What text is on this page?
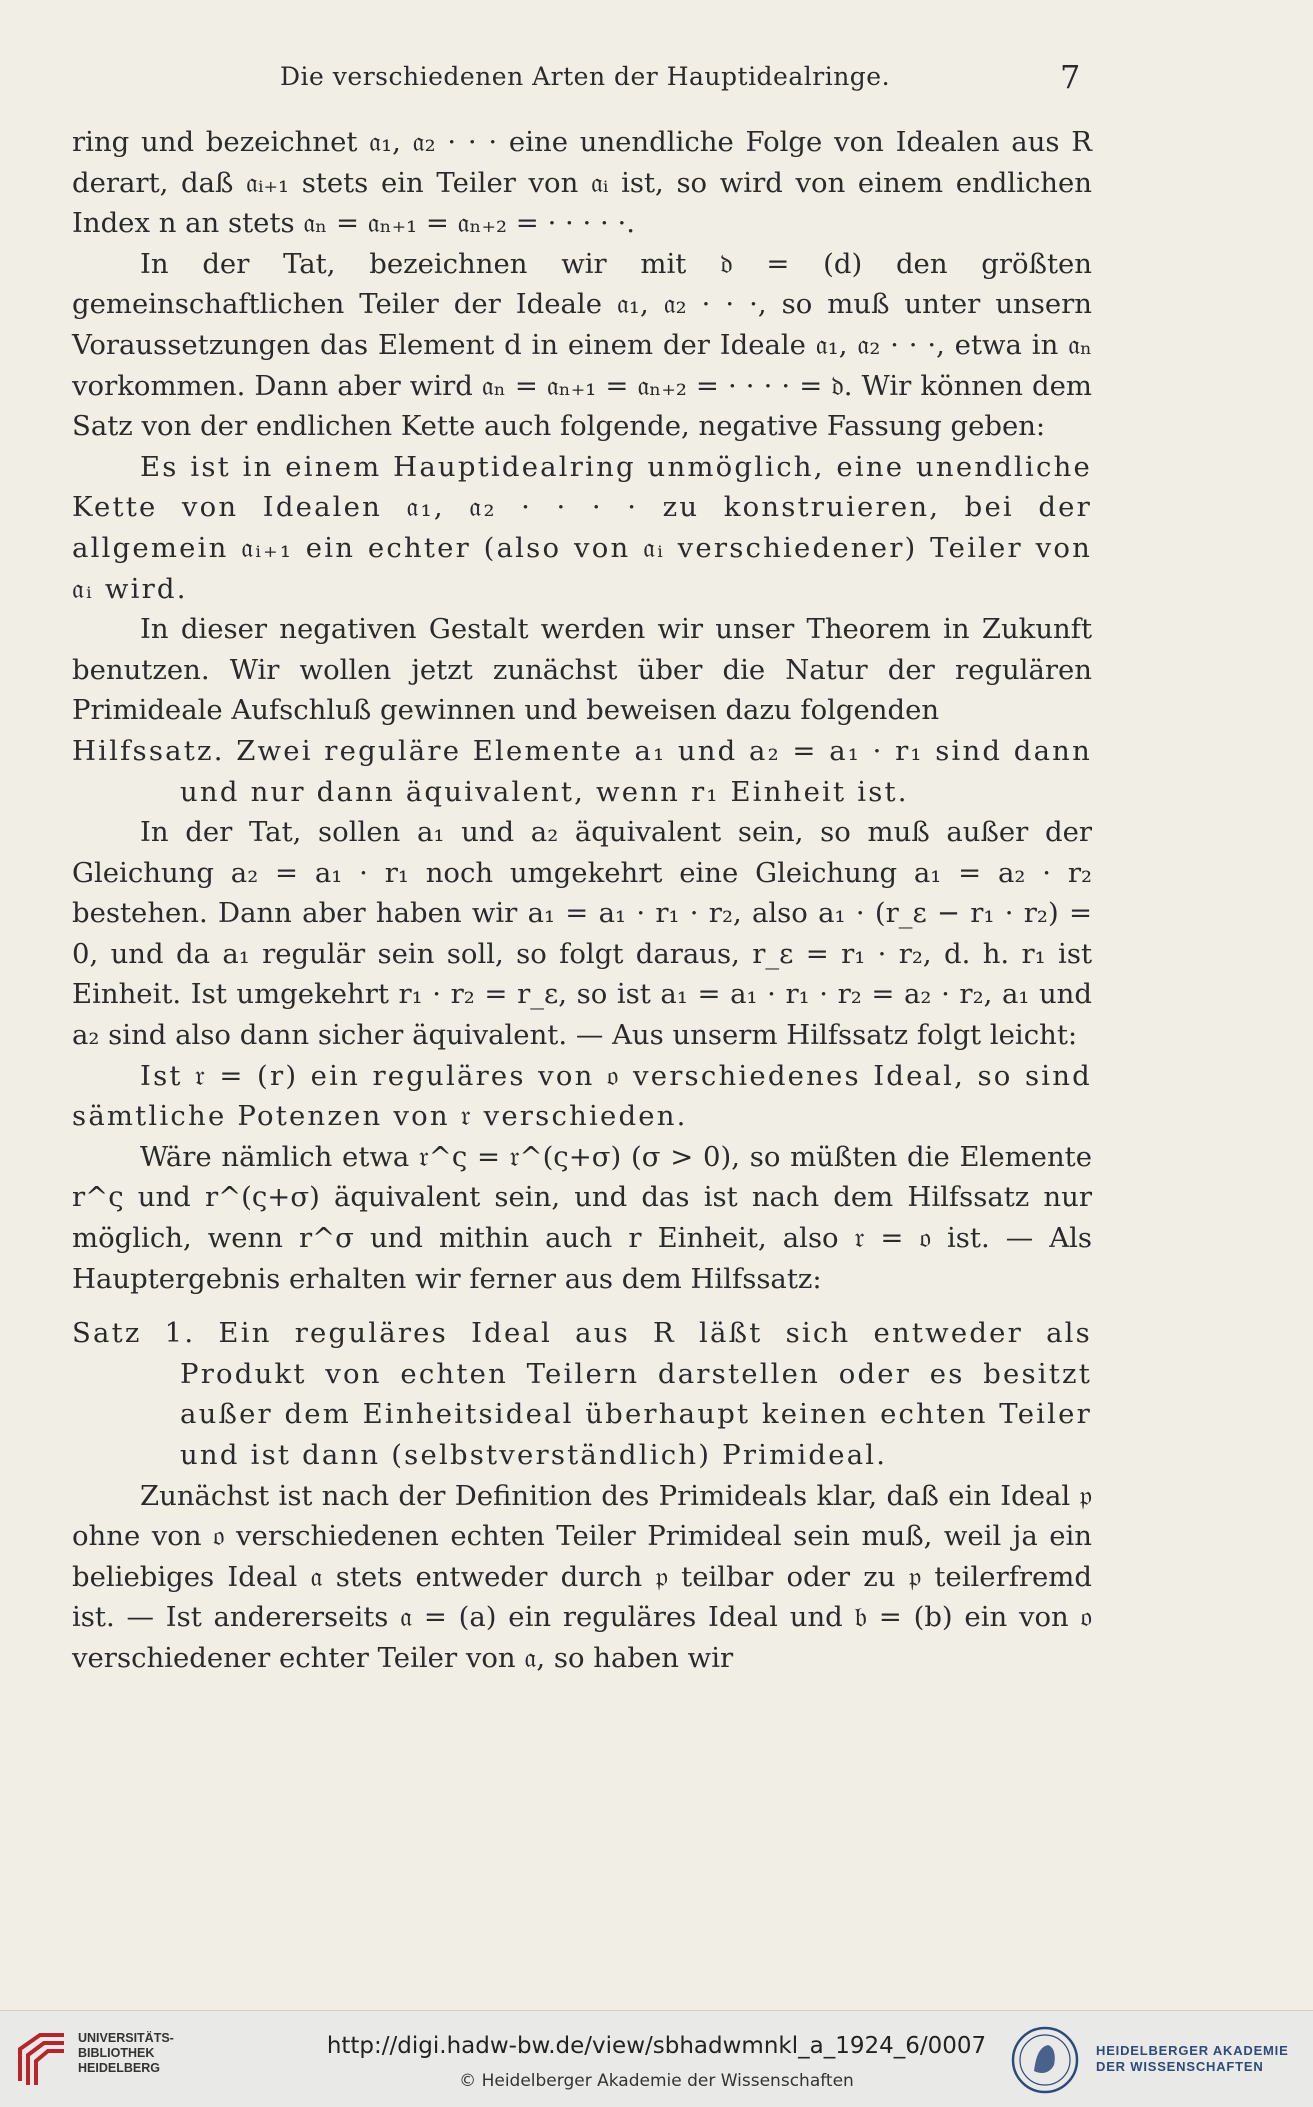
Die verschiedenen Arten der Hauptidealringe.	7

ring und bezeichnet 𝔞₁, 𝔞₂ · · · eine unendliche Folge von Idealen aus R derart, daß 𝔞ᵢ₊₁ stets ein Teiler von 𝔞ᵢ ist, so wird von einem endlichen Index n an stets 𝔞ₙ = 𝔞ₙ₊₁ = 𝔞ₙ₊₂ = · · · · ·.

In der Tat, bezeichnen wir mit 𝔡 = (d) den größten gemeinschaftlichen Teiler der Ideale 𝔞₁, 𝔞₂ · · ·, so muß unter unsern Voraussetzungen das Element d in einem der Ideale 𝔞₁, 𝔞₂ · · ·, etwa in 𝔞ₙ vorkommen. Dann aber wird 𝔞ₙ = 𝔞ₙ₊₁ = 𝔞ₙ₊₂ = · · · · = 𝔡. Wir können dem Satz von der endlichen Kette auch folgende, negative Fassung geben:

Es ist in einem Hauptidealring unmöglich, eine unendliche Kette von Idealen 𝔞₁, 𝔞₂ · · · · zu konstruieren, bei der allgemein 𝔞ᵢ₊₁ ein echter (also von 𝔞ᵢ verschiedener) Teiler von 𝔞ᵢ wird.

In dieser negativen Gestalt werden wir unser Theorem in Zukunft benutzen. Wir wollen jetzt zunächst über die Natur der regulären Primideale Aufschluß gewinnen und beweisen dazu folgenden

Hilfssatz. Zwei reguläre Elemente a₁ und a₂ = a₁ · r₁ sind dann und nur dann äquivalent, wenn r₁ Einheit ist.

In der Tat, sollen a₁ und a₂ äquivalent sein, so muß außer der Gleichung a₂ = a₁ · r₁ noch umgekehrt eine Gleichung a₁ = a₂ · r₂ bestehen. Dann aber haben wir a₁ = a₁ · r₁ · r₂, also a₁ · (r_ε − r₁ · r₂) = 0, und da a₁ regulär sein soll, so folgt daraus, r_ε = r₁ · r₂, d. h. r₁ ist Einheit. Ist umgekehrt r₁ · r₂ = r_ε, so ist a₁ = a₁ · r₁ · r₂ = a₂ · r₂, a₁ und a₂ sind also dann sicher äquivalent. — Aus unserm Hilfssatz folgt leicht:

Ist 𝔯 = (r) ein reguläres von 𝔬 verschiedenes Ideal, so sind sämtliche Potenzen von 𝔯 verschieden.

Wäre nämlich etwa 𝔯^ς = 𝔯^(ς+σ) (σ > 0), so müßten die Elemente r^ς und r^(ς+σ) äquivalent sein, und das ist nach dem Hilfssatz nur möglich, wenn r^σ und mithin auch r Einheit, also 𝔯 = 𝔬 ist. — Als Hauptergebnis erhalten wir ferner aus dem Hilfssatz:

Satz 1. Ein reguläres Ideal aus R läßt sich entweder als Produkt von echten Teilern darstellen oder es besitzt außer dem Einheitsideal überhaupt keinen echten Teiler und ist dann (selbstverständlich) Primideal.

Zunächst ist nach der Definition des Primideals klar, daß ein Ideal 𝔭 ohne von 𝔬 verschiedenen echten Teiler Primideal sein muß, weil ja ein beliebiges Ideal 𝔞 stets entweder durch 𝔭 teilbar oder zu 𝔭 teilerfremd ist. — Ist andererseits 𝔞 = (a) ein reguläres Ideal und 𝔟 = (b) ein von 𝔬 verschiedener echter Teiler von 𝔞, so haben wir

UNIVERSITÄTS-
BIBLIOTHEK
HEIDELBERG
http://digi.hadw-bw.de/view/sbhadwmnkl_a_1924_6/0007
© Heidelberger Akademie der Wissenschaften
HEIDELBERGER AKADEMIE
DER WISSENSCHAFTEN
